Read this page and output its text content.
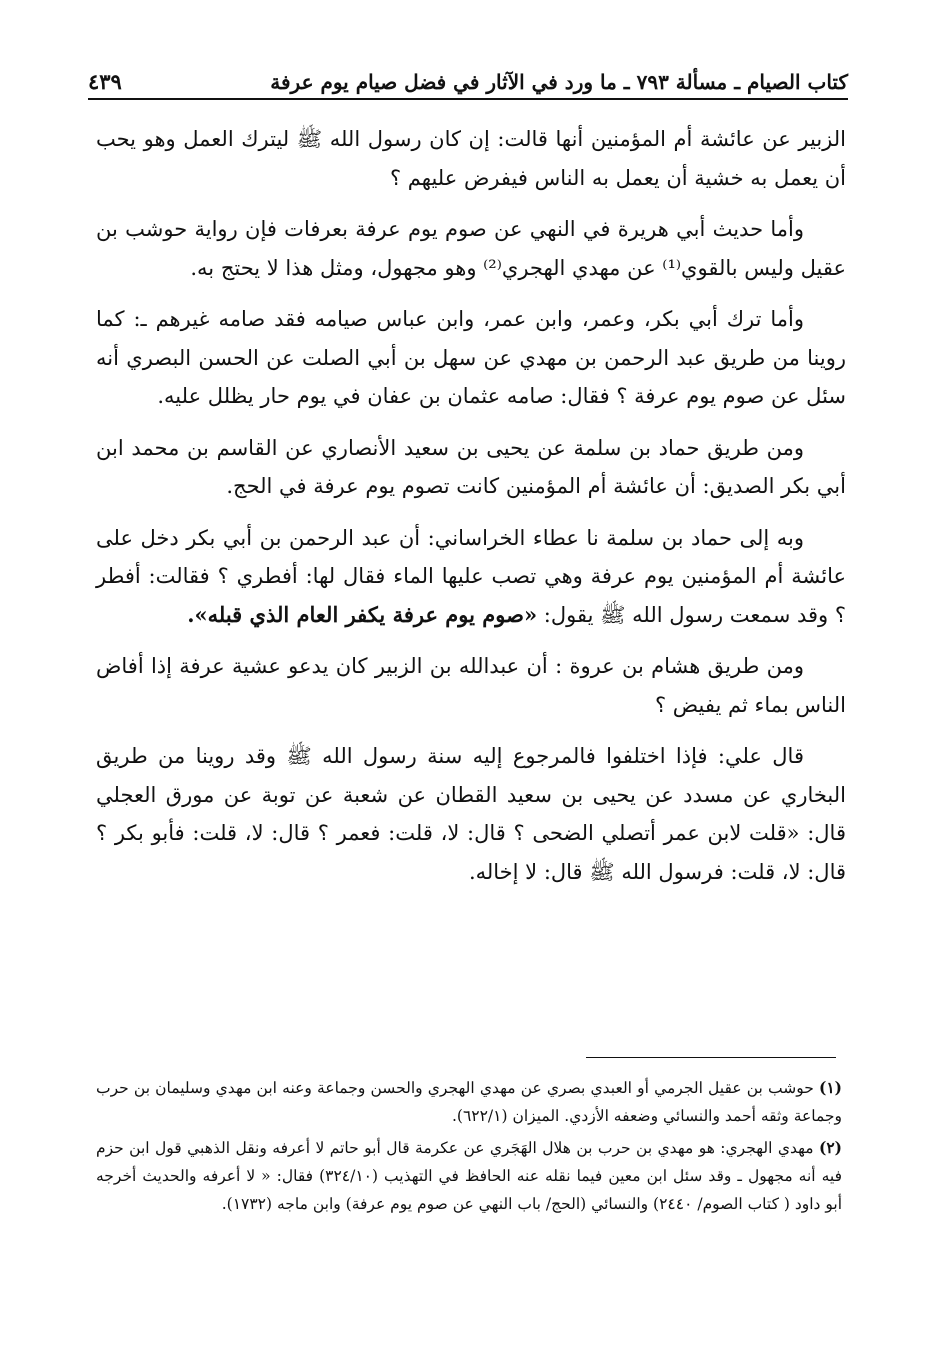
كتاب الصيام ـ مسألة ٧٩٣ ـ ما ورد في الآثار في فضل صيام يوم عرفة
٤٣٩

الزبير عن عائشة أم المؤمنين أنها قالت: إن كان رسول الله ﷺ ليترك العمل وهو يحب أن يعمل به خشية أن يعمل به الناس فيفرض عليهم ؟

وأما حديث أبي هريرة في النهي عن صوم يوم عرفة بعرفات فإن رواية حوشب بن عقيل وليس بالقوي⁽¹⁾ عن مهدي الهجري⁽²⁾ وهو مجهول، ومثل هذا لا يحتج به.

وأما ترك أبي بكر، وعمر، وابن عمر، وابن عباس صيامه فقد صامه غيرهم ـ: كما روينا من طريق عبد الرحمن بن مهدي عن سهل بن أبي الصلت عن الحسن البصري أنه سئل عن صوم يوم عرفة ؟ فقال: صامه عثمان بن عفان في يوم حار يظلل عليه.

ومن طريق حماد بن سلمة عن يحيى بن سعيد الأنصاري عن القاسم بن محمد ابن أبي بكر الصديق: أن عائشة أم المؤمنين كانت تصوم يوم عرفة في الحج.

وبه إلى حماد بن سلمة نا عطاء الخراساني: أن عبد الرحمن بن أبي بكر دخل على عائشة أم المؤمنين يوم عرفة وهي تصب عليها الماء فقال لها: أفطري ؟ فقالت: أفطر ؟ وقد سمعت رسول الله ﷺ يقول: «صوم يوم عرفة يكفر العام الذي قبله».

ومن طريق هشام بن عروة : أن عبدالله بن الزبير كان يدعو عشية عرفة إذا أفاض الناس بماء ثم يفيض ؟

قال علي: فإذا اختلفوا فالمرجوع إليه سنة رسول الله ﷺ وقد روينا من طريق البخاري عن مسدد عن يحيى بن سعيد القطان عن شعبة عن توبة عن مورق العجلي قال: «قلت لابن عمر أتصلي الضحى ؟ قال: لا، قلت: فعمر ؟ قال: لا، قلت: فأبو بكر ؟ قال: لا، قلت: فرسول الله ﷺ قال: لا إخاله.

(١) حوشب بن عقيل الجرمي أو العبدي بصري عن مهدي الهجري والحسن وجماعة وعنه ابن مهدي وسليمان بن حرب وجماعة وثقه أحمد والنسائي وضعفه الأزدي. الميزان (٦٢٢/١).

(٢) مهدي الهجري: هو مهدي بن حرب بن هلال الهَجَري عن عكرمة قال أبو حاتم لا أعرفه ونقل الذهبي قول ابن حزم فيه أنه مجهول ـ وقد سئل ابن معين فيما نقله عنه الحافظ في التهذيب (٣٢٤/١٠) فقال: « لا أعرفه والحديث أخرجه أبو داود ( كتاب الصوم/ ٢٤٤٠) والنسائي (الحج/ باب النهي عن صوم يوم عرفة) وابن ماجه (١٧٣٢).
